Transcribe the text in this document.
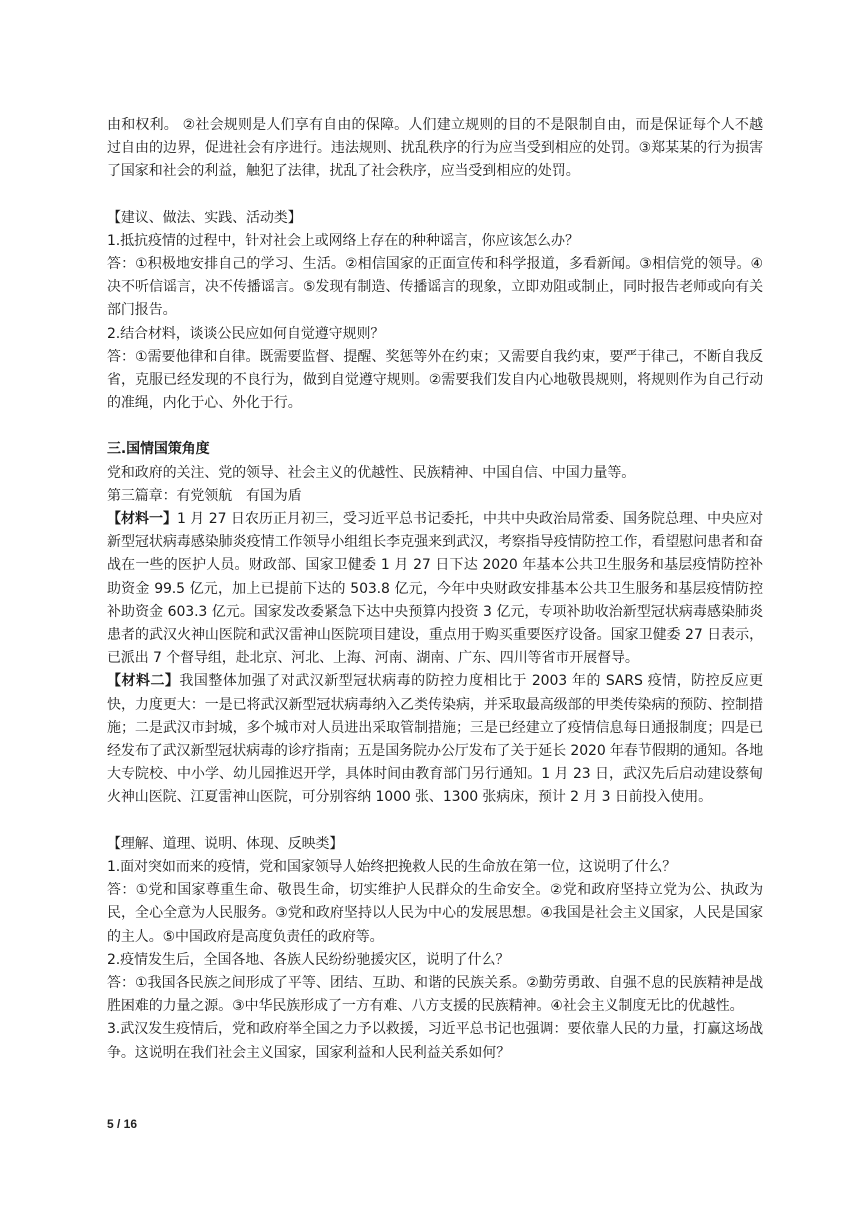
由和权利。 ②社会规则是人们享有自由的保障。人们建立规则的目的不是限制自由，而是保证每个人不越过自由的边界，促进社会有序进行。违法规则、扰乱秩序的行为应当受到相应的处罚。③郑某某的行为损害了国家和社会的利益，触犯了法律，扰乱了社会秩序，应当受到相应的处罚。

【建议、做法、实践、活动类】

1.抵抗疫情的过程中，针对社会上或网络上存在的种种谣言，你应该怎么办？

答：①积极地安排自己的学习、生活。②相信国家的正面宣传和科学报道，多看新闻。③相信党的领导。④决不听信谣言，决不传播谣言。⑤发现有制造、传播谣言的现象，立即劝阻或制止，同时报告老师或向有关部门报告。

2.结合材料，谈谈公民应如何自觉遵守规则？

答：①需要他律和自律。既需要监督、提醒、奖惩等外在约束；又需要自我约束，要严于律己，不断自我反省，克服已经发现的不良行为，做到自觉遵守规则。②需要我们发自内心地敬畏规则，将规则作为自己行动的准绳，内化于心、外化于行。

三.国情国策角度

党和政府的关注、党的领导、社会主义的优越性、民族精神、中国自信、中国力量等。

第三篇章：有党领航　有国为盾

【材料一】1 月 27 日农历正月初三，受习近平总书记委托，中共中央政治局常委、国务院总理、中央应对新型冠状病毒感染肺炎疫情工作领导小组组长李克强来到武汉，考察指导疫情防控工作，看望慰问患者和奋战在一些的医护人员。财政部、国家卫健委 1 月 27 日下达 2020 年基本公共卫生服务和基层疫情防控补助资金 99.5 亿元，加上已提前下达的 503.8 亿元，今年中央财政安排基本公共卫生服务和基层疫情防控补助资金 603.3 亿元。国家发改委紧急下达中央预算内投资 3 亿元，专项补助收治新型冠状病毒感染肺炎患者的武汉火神山医院和武汉雷神山医院项目建设，重点用于购买重要医疗设备。国家卫健委 27 日表示，已派出 7 个督导组，赴北京、河北、上海、河南、湖南、广东、四川等省市开展督导。

【材料二】我国整体加强了对武汉新型冠状病毒的防控力度相比于 2003 年的 SARS 疫情，防控反应更快，力度更大：一是已将武汉新型冠状病毒纳入乙类传染病，并采取最高级部的甲类传染病的预防、控制措施；二是武汉市封城，多个城市对人员进出采取管制措施；三是已经建立了疫情信息每日通报制度；四是已经发布了武汉新型冠状病毒的诊疗指南；五是国务院办公厅发布了关于延长 2020 年春节假期的通知。各地大专院校、中小学、幼儿园推迟开学，具体时间由教育部门另行通知。1 月 23 日，武汉先后启动建设蔡甸火神山医院、江夏雷神山医院，可分别容纳 1000 张、1300 张病床，预计 2 月 3 日前投入使用。

【理解、道理、说明、体现、反映类】

1.面对突如而来的疫情，党和国家领导人始终把挽救人民的生命放在第一位，这说明了什么？

答：①党和国家尊重生命、敬畏生命，切实维护人民群众的生命安全。②党和政府坚持立党为公、执政为民，全心全意为人民服务。③党和政府坚持以人民为中心的发展思想。④我国是社会主义国家，人民是国家的主人。⑤中国政府是高度负责任的政府等。

2.疫情发生后，全国各地、各族人民纷纷驰援灾区，说明了什么？

答：①我国各民族之间形成了平等、团结、互助、和谐的民族关系。②勤劳勇敢、自强不息的民族精神是战胜困难的力量之源。③中华民族形成了一方有难、八方支援的民族精神。④社会主义制度无比的优越性。

3.武汉发生疫情后，党和政府举全国之力予以救援，习近平总书记也强调：要依靠人民的力量，打赢这场战争。这说明在我们社会主义国家，国家利益和人民利益关系如何？

5 / 16
